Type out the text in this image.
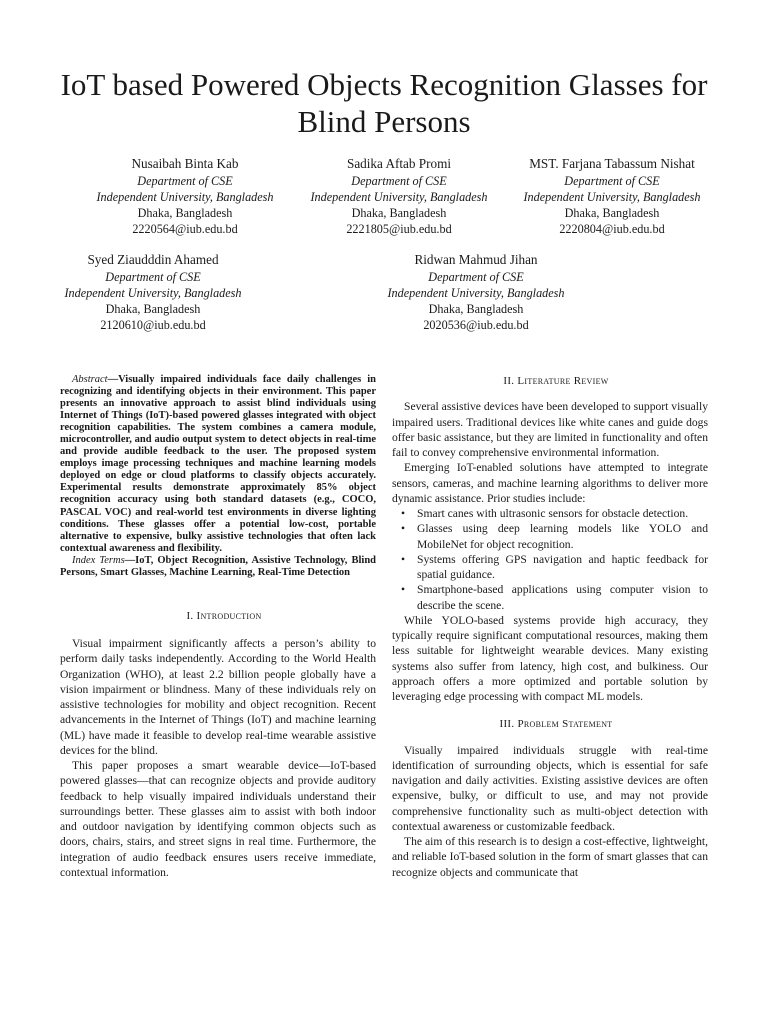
IoT based Powered Objects Recognition Glasses for Blind Persons
Nusaibah Binta Kab
Department of CSE
Independent University, Bangladesh
Dhaka, Bangladesh
2220564@iub.edu.bd
Sadika Aftab Promi
Department of CSE
Independent University, Bangladesh
Dhaka, Bangladesh
2221805@iub.edu.bd
MST. Farjana Tabassum Nishat
Department of CSE
Independent University, Bangladesh
Dhaka, Bangladesh
2220804@iub.edu.bd
Syed Ziaudddin Ahamed
Department of CSE
Independent University, Bangladesh
Dhaka, Bangladesh
2120610@iub.edu.bd
Ridwan Mahmud Jihan
Department of CSE
Independent University, Bangladesh
Dhaka, Bangladesh
2020536@iub.edu.bd

Abstract—Visually impaired individuals face daily challenges in recognizing and identifying objects in their environment. This paper presents an innovative approach to assist blind individuals using Internet of Things (IoT)-based powered glasses integrated with object recognition capabilities. The system combines a camera module, microcontroller, and audio output system to detect objects in real-time and provide audible feedback to the user. The proposed system employs image processing techniques and machine learning models deployed on edge or cloud platforms to classify objects accurately. Experimental results demonstrate approximately 85% object recognition accuracy using both standard datasets (e.g., COCO, PASCAL VOC) and real-world test environments in diverse lighting conditions. These glasses offer a potential low-cost, portable alternative to expensive, bulky assistive technologies that often lack contextual awareness and flexibility.

Index Terms—IoT, Object Recognition, Assistive Technology, Blind Persons, Smart Glasses, Machine Learning, Real-Time Detection

I. Introduction

Visual impairment significantly affects a person’s ability to perform daily tasks independently. According to the World Health Organization (WHO), at least 2.2 billion people globally have a vision impairment or blindness. Many of these individuals rely on assistive technologies for mobility and object recognition. Recent advancements in the Internet of Things (IoT) and machine learning (ML) have made it feasible to develop real-time wearable assistive devices for the blind.

This paper proposes a smart wearable device—IoT-based powered glasses—that can recognize objects and provide auditory feedback to help visually impaired individuals understand their surroundings better. These glasses aim to assist with both indoor and outdoor navigation by identifying common objects such as doors, chairs, stairs, and street signs in real time. Furthermore, the integration of audio feedback ensures users receive immediate, contextual information.

II. Literature Review

Several assistive devices have been developed to support visually impaired users. Traditional devices like white canes and guide dogs offer basic assistance, but they are limited in functionality and often fail to convey comprehensive environmental information.

Emerging IoT-enabled solutions have attempted to integrate sensors, cameras, and machine learning algorithms to deliver more dynamic assistance. Prior studies include:

• Smart canes with ultrasonic sensors for obstacle detection.
• Glasses using deep learning models like YOLO and MobileNet for object recognition.
• Systems offering GPS navigation and haptic feedback for spatial guidance.
• Smartphone-based applications using computer vision to describe the scene.

While YOLO-based systems provide high accuracy, they typically require significant computational resources, making them less suitable for lightweight wearable devices. Many existing systems also suffer from latency, high cost, and bulkiness. Our approach offers a more optimized and portable solution by leveraging edge processing with compact ML models.

III. Problem Statement

Visually impaired individuals struggle with real-time identification of surrounding objects, which is essential for safe navigation and daily activities. Existing assistive devices are often expensive, bulky, or difficult to use, and may not provide comprehensive functionality such as multi-object detection with contextual awareness or customizable feedback.

The aim of this research is to design a cost-effective, lightweight, and reliable IoT-based solution in the form of smart glasses that can recognize objects and communicate that
